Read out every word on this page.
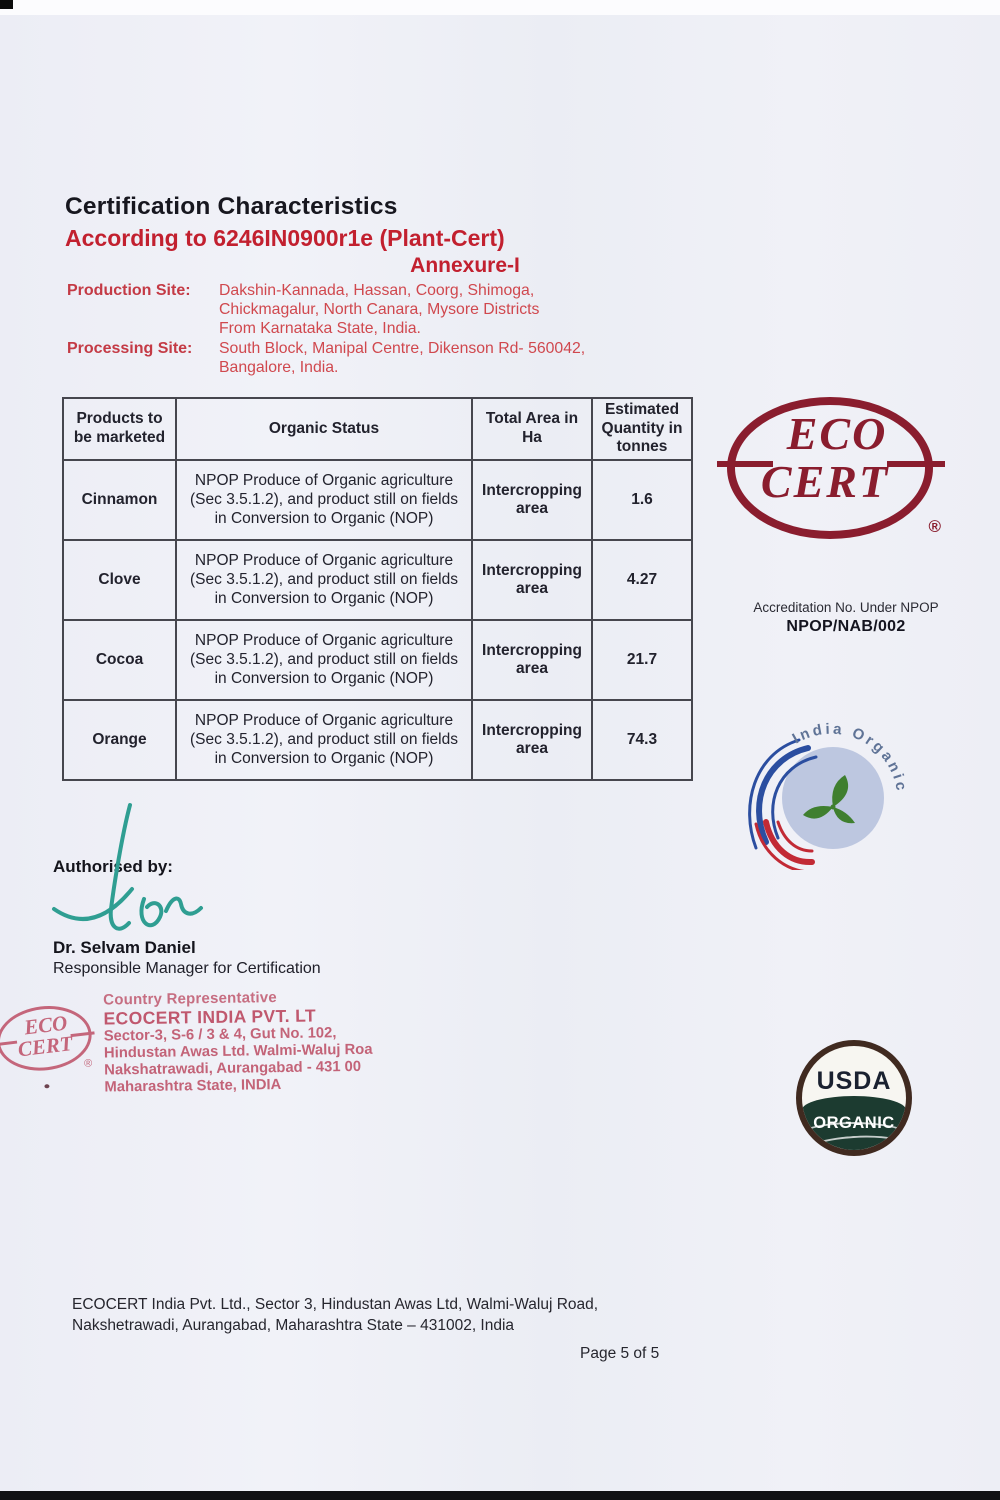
Certification Characteristics
According to 6246IN0900r1e (Plant-Cert)
Annexure-I
Production Site:	Dakshin-Kannada, Hassan, Coorg, Shimoga,
Chickmagalur, North Canara, Mysore Districts
From Karnataka State, India.
Processing Site:	South Block, Manipal Centre, Dikenson Rd- 560042,
Bangalore, India.
Products to be marketed	Organic Status	Total Area in Ha	Estimated Quantity in tonnes
Cinnamon	NPOP Produce of Organic agriculture (Sec 3.5.1.2), and product still on fields in Conversion to Organic (NOP)	Intercropping area	1.6
Clove	NPOP Produce of Organic agriculture (Sec 3.5.1.2), and product still on fields in Conversion to Organic (NOP)	Intercropping area	4.27
Cocoa	NPOP Produce of Organic agriculture (Sec 3.5.1.2), and product still on fields in Conversion to Organic (NOP)	Intercropping area	21.7
Orange	NPOP Produce of Organic agriculture (Sec 3.5.1.2), and product still on fields in Conversion to Organic (NOP)	Intercropping area	74.3
ECO
CERT
®
Accreditation No. Under NPOP
NPOP/NAB/002
India Organic
Authorised by:
Dr. Selvam Daniel
Responsible Manager for Certification
ECO
CERT
®
Country Representative
ECOCERT INDIA PVT. LT
Sector-3, S-6 / 3 & 4, Gut No. 102,
Hindustan Awas Ltd. Walmi-Waluj Roa
Nakshatrawadi, Aurangabad - 431 00
Maharashtra State, INDIA	USDA
ORGANIC
ECOCERT India Pvt. Ltd., Sector 3, Hindustan Awas Ltd, Walmi-Waluj Road,
Nakshetrawadi, Aurangabad, Maharashtra State – 431002, India
Page 5 of 5
